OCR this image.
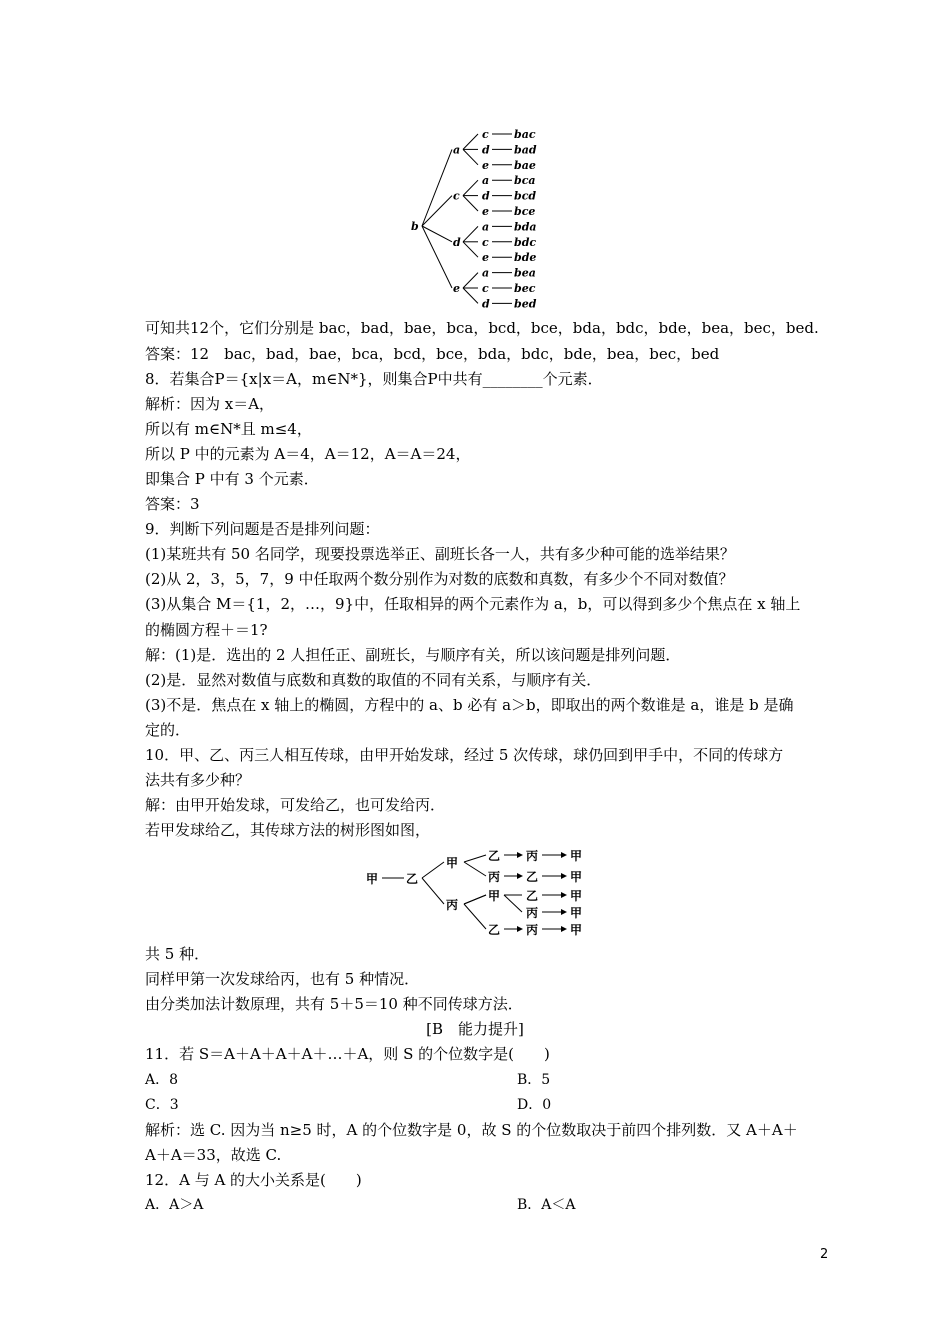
b
a
c bac
d bad
e bae
c
a bca
d bcd
e bce
d
a bda
c bdc
e bde
e
a bea
c bec
d bed
可知共12个，它们分别是 bac，bad，bae，bca，bcd，bce，bda，bdc，bde，bea，bec，bed.
答案：12　bac，bad，bae，bca，bcd，bce，bda，bdc，bde，bea，bec，bed
8．若集合P＝{x|x＝A，m∈N*}，则集合P中共有________个元素．
解析：因为 x＝A，
所以有 m∈N*且 m≤4，
所以 P 中的元素为 A＝4，A＝12，A＝A＝24，
即集合 P 中有 3 个元素．
答案：3
9．判断下列问题是否是排列问题：
(1)某班共有 50 名同学，现要投票选举正、副班长各一人，共有多少种可能的选举结果？
(2)从 2，3，5，7，9 中任取两个数分别作为对数的底数和真数，有多少个不同对数值？
(3)从集合 M＝{1，2，…，9}中，任取相异的两个元素作为 a，b，可以得到多少个焦点在 x 轴上
的椭圆方程＋＝1?
解：(1)是．选出的 2 人担任正、副班长，与顺序有关，所以该问题是排列问题．
(2)是．显然对数值与底数和真数的取值的不同有关系，与顺序有关．
(3)不是．焦点在 x 轴上的椭圆，方程中的 a、b 必有 a＞b，即取出的两个数谁是 a，谁是 b 是确
定的．
10．甲、乙、丙三人相互传球，由甲开始发球，经过 5 次传球，球仍回到甲手中，不同的传球方
法共有多少种？
解：由甲开始发球，可发给乙，也可发给丙．
若甲发球给乙，其传球方法的树形图如图，
甲 乙
甲
丙
乙 丙	甲
丙 乙	甲
甲 乙	甲
丙	甲
乙 丙	甲
共 5 种．
同样甲第一次发球给丙，也有 5 种情况．
由分类加法计数原理，共有 5＋5＝10 种不同传球方法．
[B　能力提升]
11．若 S＝A＋A＋A＋A＋…＋A，则 S 的个位数字是(　　)
A．8	B．5
C．3	D．0
解析：选 C. 因为当 n≥5 时，A 的个位数字是 0，故 S 的个位数取决于前四个排列数．又 A＋A＋
A＋A＝33，故选 C.
12．A 与 A 的大小关系是(　　)
A．A＞A	B．A＜A
2
